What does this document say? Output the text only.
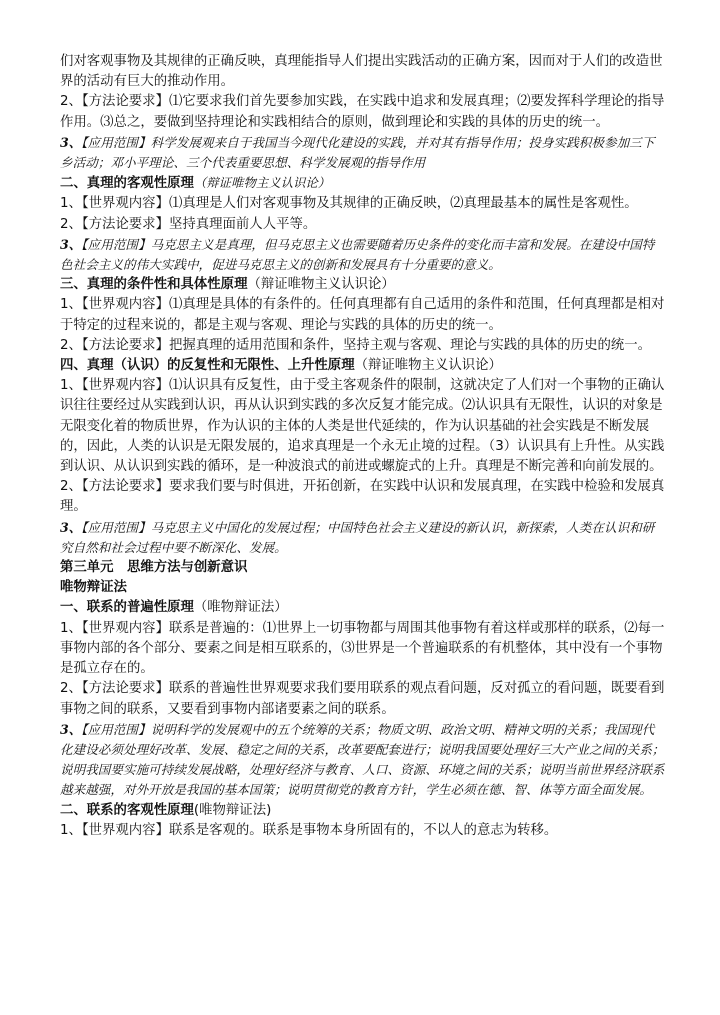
们对客观事物及其规律的正确反映，真理能指导人们提出实践活动的正确方案，因而对于人们的改造世界的活动有巨大的推动作用。
2、【方法论要求】⑴它要求我们首先要参加实践，在实践中追求和发展真理；⑵要发挥科学理论的指导作用。⑶总之，要做到坚持理论和实践相结合的原则，做到理论和实践的具体的历史的统一。
3、【应用范围】科学发展观来自于我国当今现代化建设的实践，并对其有指导作用；投身实践积极参加三下乡活动；邓小平理论、三个代表重要思想、科学发展观的指导作用
二、真理的客观性原理（辩证唯物主义认识论）
1、【世界观内容】⑴真理是人们对客观事物及其规律的正确反映，⑵真理最基本的属性是客观性。
2、【方法论要求】坚持真理面前人人平等。
3、【应用范围】马克思主义是真理，但马克思主义也需要随着历史条件的变化而丰富和发展。在建设中国特色社会主义的伟大实践中，促进马克思主义的创新和发展具有十分重要的意义。
三、真理的条件性和具体性原理（辩证唯物主义认识论）
1、【世界观内容】⑴真理是具体的有条件的。任何真理都有自己适用的条件和范围，任何真理都是相对于特定的过程来说的，都是主观与客观、理论与实践的具体的历史的统一。
2、【方法论要求】把握真理的适用范围和条件，坚持主观与客观、理论与实践的具体的历史的统一。
四、真理（认识）的反复性和无限性、上升性原理（辩证唯物主义认识论）
1、【世界观内容】⑴认识具有反复性，由于受主客观条件的限制，这就决定了人们对一个事物的正确认识往往要经过从实践到认识，再从认识到实践的多次反复才能完成。⑵认识具有无限性，认识的对象是无限变化着的物质世界，作为认识的主体的人类是世代延续的，作为认识基础的社会实践是不断发展的，因此，人类的认识是无限发展的，追求真理是一个永无止境的过程。（3）认识具有上升性。从实践到认识、从认识到实践的循环，是一种波浪式的前进或螺旋式的上升。真理是不断完善和向前发展的。
2、【方法论要求】要求我们要与时俱进，开拓创新，在实践中认识和发展真理，在实践中检验和发展真理。
3、【应用范围】马克思主义中国化的发展过程；中国特色社会主义建设的新认识，新探索，人类在认识和研究自然和社会过程中要不断深化、发展。
第三单元　思维方法与创新意识
唯物辩证法
一、联系的普遍性原理（唯物辩证法）
1、【世界观内容】联系是普遍的：⑴世界上一切事物都与周围其他事物有着这样或那样的联系，⑵每一事物内部的各个部分、要素之间是相互联系的，⑶世界是一个普遍联系的有机整体，其中没有一个事物是孤立存在的。
2、【方法论要求】联系的普遍性世界观要求我们要用联系的观点看问题，反对孤立的看问题，既要看到事物之间的联系，又要看到事物内部诸要素之间的联系。
3、【应用范围】说明科学的发展观中的五个统筹的关系；物质文明、政治文明、精神文明的关系；我国现代化建设必须处理好改革、发展、稳定之间的关系，改革要配套进行；说明我国要处理好三大产业之间的关系；说明我国要实施可持续发展战略，处理好经济与教育、人口、资源、环境之间的关系；说明当前世界经济联系越来越强，对外开放是我国的基本国策；说明贯彻党的教育方针，学生必须在德、智、体等方面全面发展。
二、联系的客观性原理(唯物辩证法)
1、【世界观内容】联系是客观的。联系是事物本身所固有的，不以人的意志为转移。
